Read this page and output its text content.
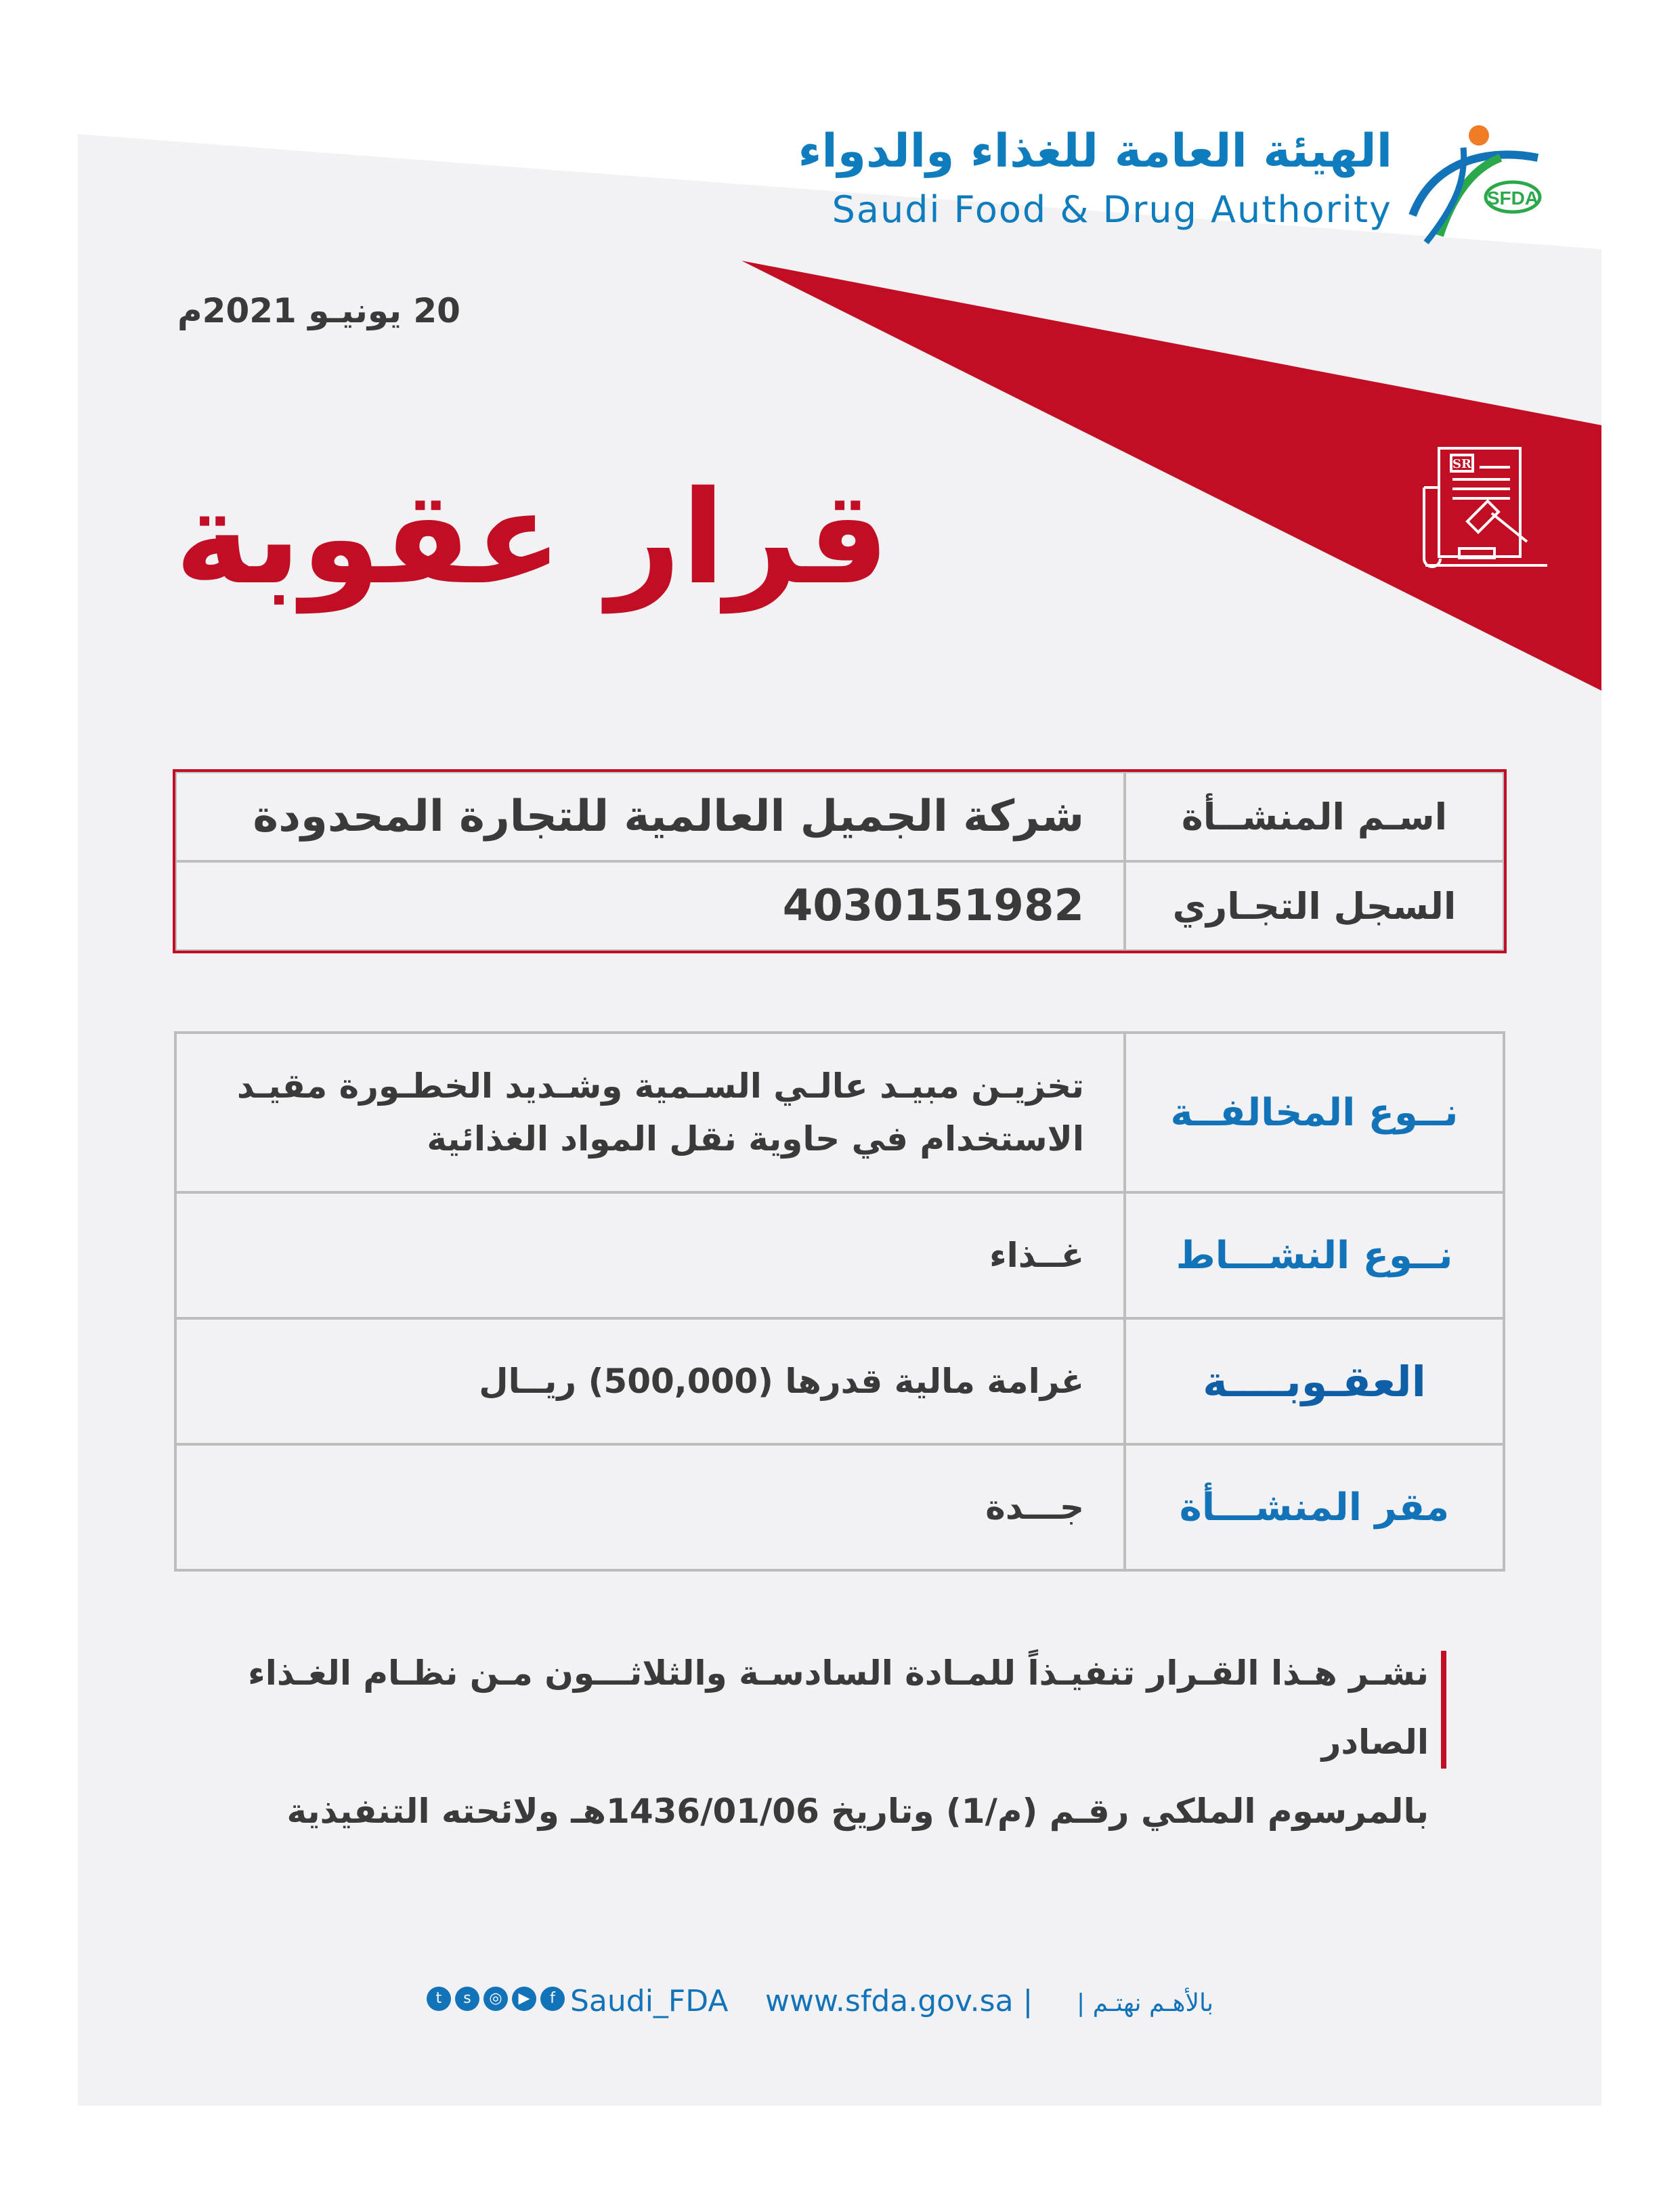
الهيئة العامة للغذاء والدواء
Saudi Food & Drug Authority	SFDA
20 يونيـو 2021م
قرار عقوبة	SR
اسـم المنشــأة	شركة الجميل العالمية للتجارة المحدودة
السجل التجـاري	4030151982
نــوع المخالفــة	تخزيـن مبيـد عالـي السـمية وشـديد الخطـورة مقيـد
الاستخدام في حاوية نقل المواد الغذائية

نــوع النشـــاط	غــذاء
العقـوبــــة	غرامة مالية قدرها (500,000) ريــال
مقر المنشـــأة	جـــدة
نشـر هـذا القـرار تنفيـذاً للمـادة السادسـة والثلاثـــون مـن نظـام الغـذاء الصادر
بالمرسوم الملكي رقـم (م/1) وتاريخ 1436/01/06هـ ولائحته التنفيذية
t	s	◎	▶	f Saudi_FDA www.sfda.gov.sa | بالأهـم نهتـم |
